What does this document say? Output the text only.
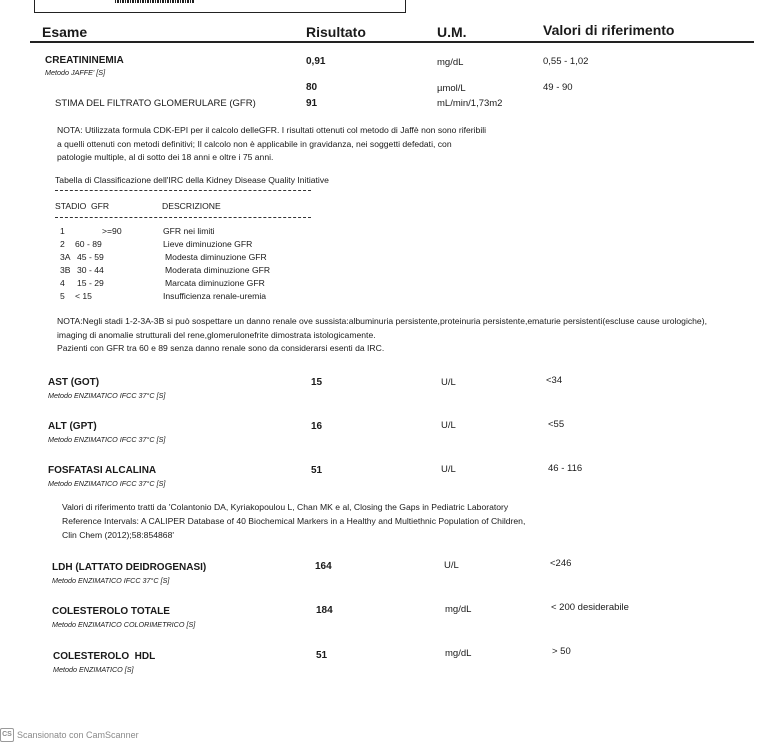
Esame	Risultato	U.M.	Valori di riferimento
CREATININEMIA
Metodo JAFFE' [S]
0,91	mg/dL	0,55 - 1,02
80	µmol/L	49 - 90
STIMA DEL FILTRATO GLOMERULARE (GFR)	91	mL/min/1,73m2
NOTA: Utilizzata formula CDK-EPI per il calcolo delleGFR. I risultati ottenuti col metodo di Jaffè non sono riferibili
a quelli ottenuti con metodi definitivi; Il calcolo non è applicabile in gravidanza, nei soggetti defedati, con
patologie multiple, al di sotto dei 18 anni e oltre i 75 anni.
Tabella di Classificazione dell'IRC della Kidney Disease Quality Initiative
STADIO GFR	DESCRIZIONE
1	>=90	GFR nei limiti
2 60 - 89	Lieve diminuzione GFR
3A 45 - 59	Modesta diminuzione GFR
3B 30 - 44	Moderata diminuzione GFR
4 15 - 29	Marcata diminuzione GFR
5 < 15	Insufficienza renale-uremia
NOTA:Negli stadi 1-2-3A-3B si può sospettare un danno renale ove sussista:albuminuria persistente,proteinuria persistente,ematurie persistenti(escluse cause urologiche),
imaging di anomalie strutturali del rene,glomerulonefrite dimostrata istologicamente.
Pazienti con GFR tra 60 e 89 senza danno renale sono da considerarsi esenti da IRC.
AST (GOT)
Metodo ENZIMATICO IFCC 37°C [S]
15	U/L	<34
ALT (GPT)
Metodo ENZIMATICO IFCC 37°C [S]
16	U/L	<55
FOSFATASI ALCALINA
Metodo ENZIMATICO IFCC 37°C [S]
51	U/L	46 - 116
Valori di riferimento tratti da 'Colantonio DA, Kyriakopoulou L, Chan MK e al, Closing the Gaps in Pediatric Laboratory
Reference Intervals: A CALIPER Database of 40 Biochemical Markers in a Healthy and Multiethnic Population of Children,
Clin Chem (2012);58:854868'
LDH (LATTATO DEIDROGENASI)
Metodo ENZIMATICO IFCC 37°C [S]
164	U/L	<246
COLESTEROLO TOTALE
Metodo ENZIMATICO COLORIMETRICO [S]
184	mg/dL	< 200 desiderabile
COLESTEROLO  HDL
Metodo ENZIMATICO [S]
51	mg/dL	> 50
CS Scansionato con CamScanner
